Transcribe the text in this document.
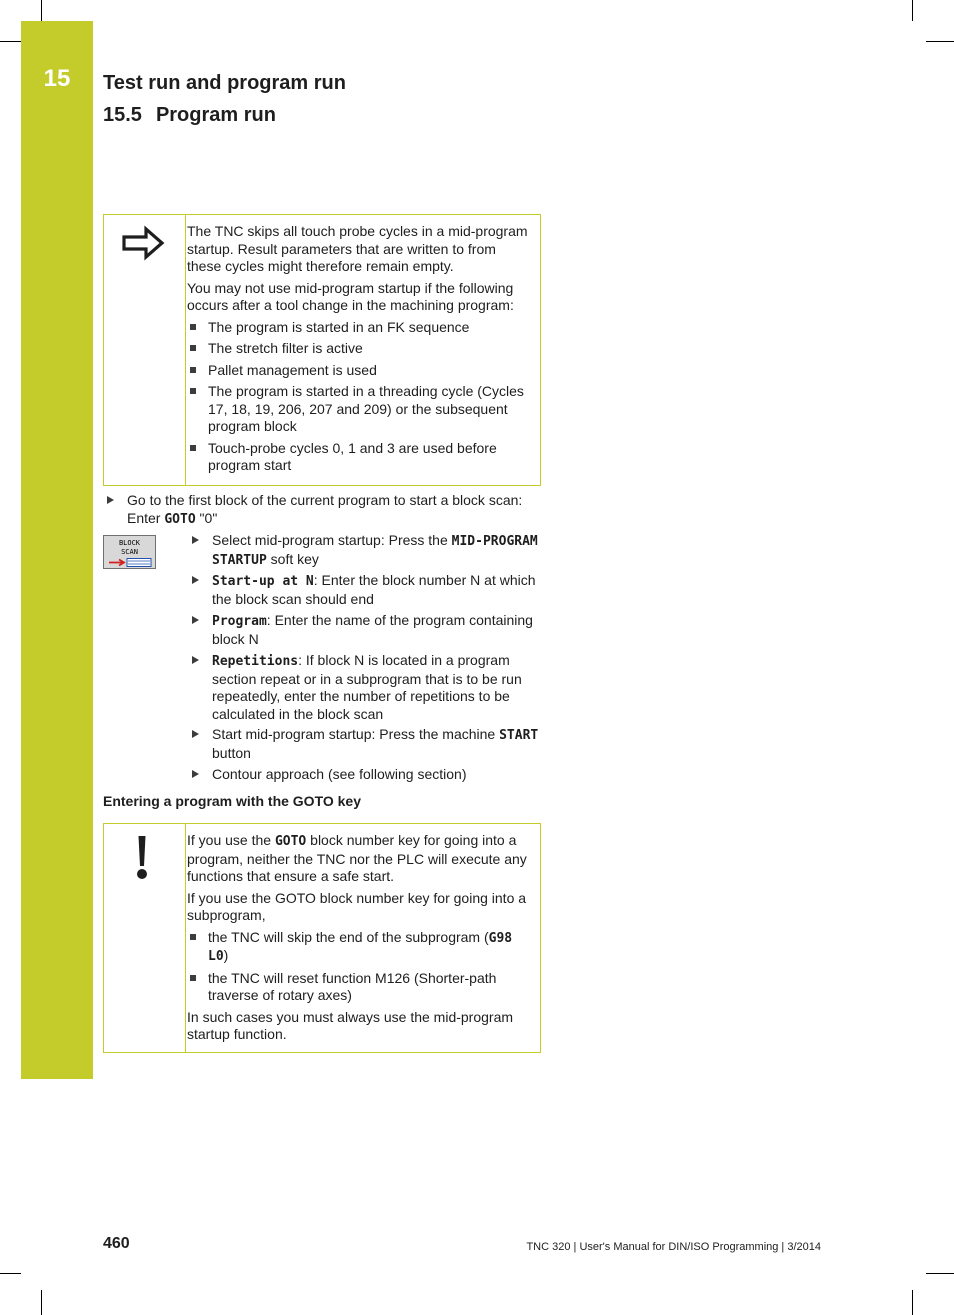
15	Test run and program run
15.5 Program run

The TNC skips all touch probe cycles in a mid-program startup. Result parameters that are written to from these cycles might therefore remain empty.

You may not use mid-program startup if the following occurs after a tool change in the machining program:

The program is started in an FK sequence
The stretch filter is active
Pallet management is used
The program is started in a threading cycle (Cycles 17, 18, 19, 206, 207 and 209) or the subsequent program block
Touch-probe cycles 0, 1 and 3 are used before program start
Go to the first block of the current program to start a block scan: Enter GOTO "0"
BLOCK
SCAN
Select mid-program startup: Press the MID-PROGRAM STARTUP soft key
Start-up at N: Enter the block number N at which the block scan should end
Program: Enter the name of the program containing block N
Repetitions: If block N is located in a program section repeat or in a subprogram that is to be run repeatedly, enter the number of repetitions to be calculated in the block scan
Start mid-program startup: Press the machine START button
Contour approach (see following section)
Entering a program with the GOTO key

If you use the GOTO block number key for going into a program, neither the TNC nor the PLC will execute any functions that ensure a safe start.

If you use the GOTO block number key for going into a subprogram,

the TNC will skip the end of the subprogram (G98 L0)
the TNC will reset function M126 (Shorter-path traverse of rotary axes)

In such cases you must always use the mid-program startup function.

460	TNC 320 | User's Manual for DIN/ISO Programming | 3/2014
